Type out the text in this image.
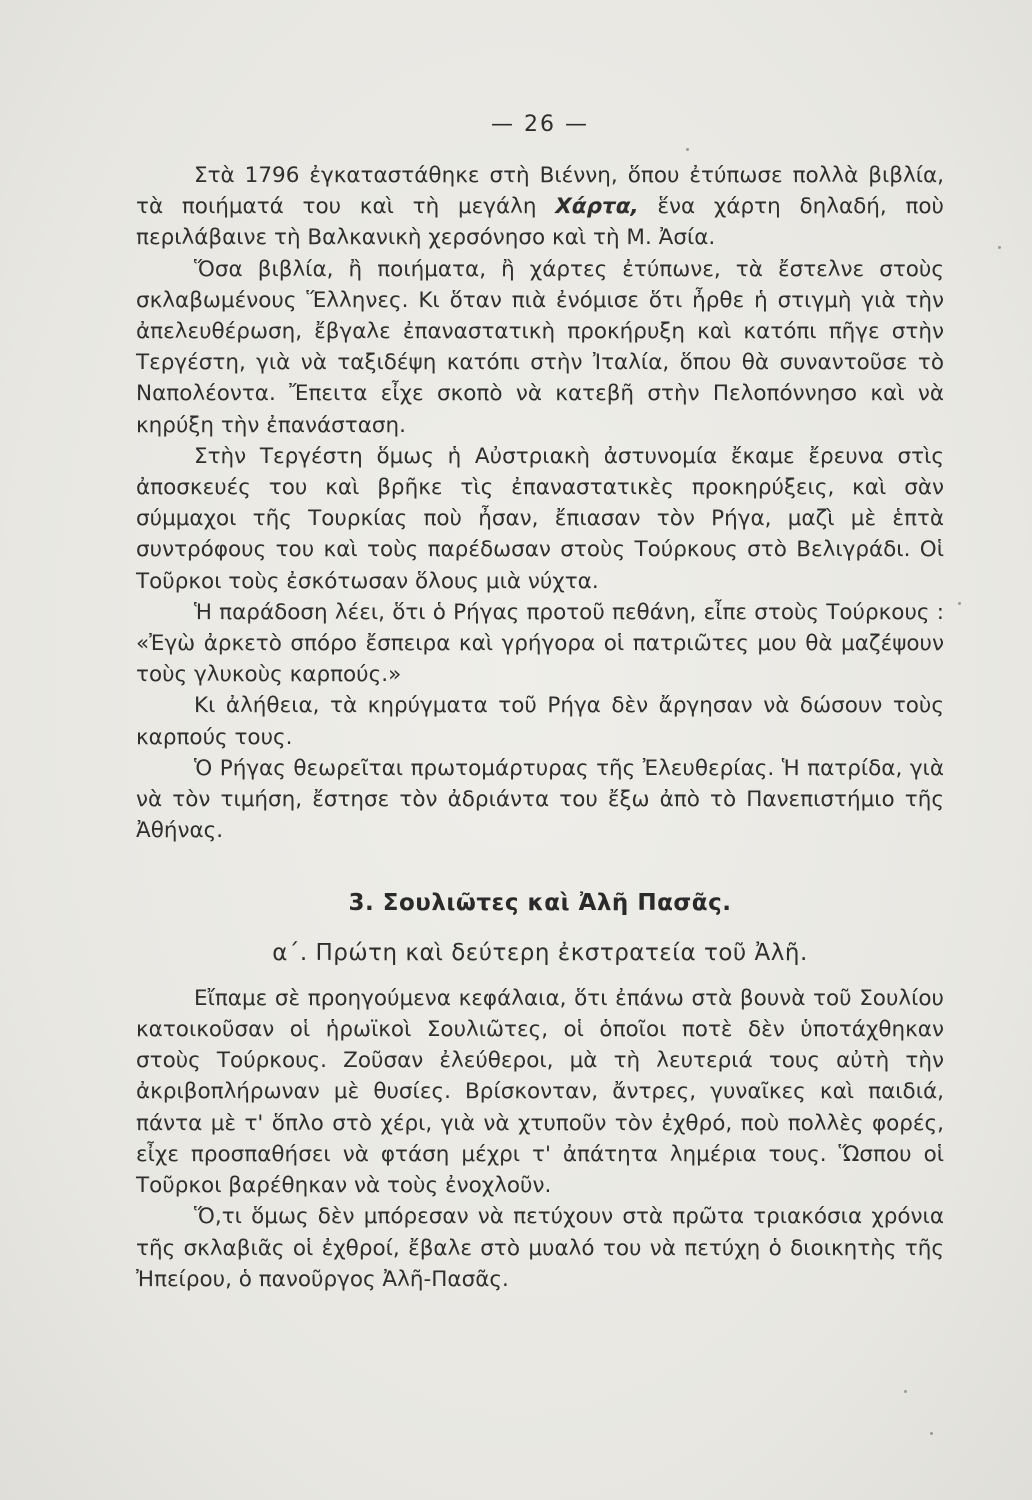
— 26 —

Στὰ 1796 ἐγκαταστάθηκε στὴ Βιέννη, ὅπου ἐτύπωσε πολλὰ βιβλία, τὰ ποιήματά του καὶ τὴ μεγάλη Χάρτα, ἕνα χάρτη δηλαδή, ποὺ περιλάβαινε τὴ Βαλκανικὴ χερσόνησο καὶ τὴ Μ. Ἀσία.

Ὅσα βιβλία, ἢ ποιήματα, ἢ χάρτες ἐτύπωνε, τὰ ἔστελνε στοὺς σκλαβωμένους Ἕλληνες. Κι ὅταν πιὰ ἐνόμισε ὅτι ἦρθε ἡ στιγμὴ γιὰ τὴν ἀπελευθέρωση, ἔβγαλε ἐπαναστατικὴ προκήρυξη καὶ κατόπι πῆγε στὴν Τεργέστη, γιὰ νὰ ταξιδέψη κατόπι στὴν Ἰταλία, ὅπου θὰ συναντοῦσε τὸ Ναπολέοντα. Ἔπειτα εἶχε σκοπὸ νὰ κατεβῆ στὴν Πελοπόννησο καὶ νὰ κηρύξη τὴν ἐπανάσταση.

Στὴν Τεργέστη ὅμως ἡ Αὐστριακὴ ἀστυνομία ἔκαμε ἔρευνα στὶς ἀποσκευές του καὶ βρῆκε τὶς ἐπαναστατικὲς προκηρύξεις, καὶ σὰν σύμμαχοι τῆς Τουρκίας ποὺ ἦσαν, ἔπιασαν τὸν Ρήγα, μαζὶ μὲ ἑπτὰ συντρόφους του καὶ τοὺς παρέδωσαν στοὺς Τούρκους στὸ Βελιγράδι. Οἱ Τοῦρκοι τοὺς ἐσκότωσαν ὅλους μιὰ νύχτα.

Ἡ παράδοση λέει, ὅτι ὁ Ρήγας προτοῦ πεθάνη, εἶπε στοὺς Τούρκους : «Ἐγὼ ἀρκετὸ σπόρο ἔσπειρα καὶ γρήγορα οἱ πατριῶτες μου θὰ μαζέψουν τοὺς γλυκοὺς καρπούς.»

Κι ἀλήθεια, τὰ κηρύγματα τοῦ Ρήγα δὲν ἄργησαν νὰ δώσουν τοὺς καρπούς τους.

Ὁ Ρήγας θεωρεῖται πρωτομάρτυρας τῆς Ἐλευθερίας. Ἡ πατρίδα, γιὰ νὰ τὸν τιμήση, ἔστησε τὸν ἀδριάντα του ἔξω ἀπὸ τὸ Πανεπιστήμιο τῆς Ἀθήνας.

3. Σουλιῶτες καὶ Ἀλῆ Πασᾶς.
α΄. Πρώτη καὶ δεύτερη ἐκστρατεία τοῦ Ἀλῆ.

Εἴπαμε σὲ προηγούμενα κεφάλαια, ὅτι ἐπάνω στὰ βουνὰ τοῦ Σουλίου κατοικοῦσαν οἱ ἡρωϊκοὶ Σουλιῶτες, οἱ ὁποῖοι ποτὲ δὲν ὑποτάχθηκαν στοὺς Τούρκους. Ζοῦσαν ἐλεύθεροι, μὰ τὴ λευτεριά τους αὐτὴ τὴν ἀκριβοπλήρωναν μὲ θυσίες. Βρίσκονταν, ἄντρες, γυναῖκες καὶ παιδιά, πάντα μὲ τ' ὅπλο στὸ χέρι, γιὰ νὰ χτυποῦν τὸν ἐχθρό, ποὺ πολλὲς φορές, εἶχε προσπαθήσει νὰ φτάση μέχρι τ' ἀπάτητα λημέρια τους. Ὥσπου οἱ Τοῦρκοι βαρέθηκαν νὰ τοὺς ἐνοχλοῦν.

Ὅ,τι ὅμως δὲν μπόρεσαν νὰ πετύχουν στὰ πρῶτα τριακόσια χρόνια τῆς σκλαβιᾶς οἱ ἐχθροί, ἔβαλε στὸ μυαλό του νὰ πετύχη ὁ διοικητὴς τῆς Ἠπείρου, ὁ πανοῦργος Ἀλῆ-Πασᾶς.
